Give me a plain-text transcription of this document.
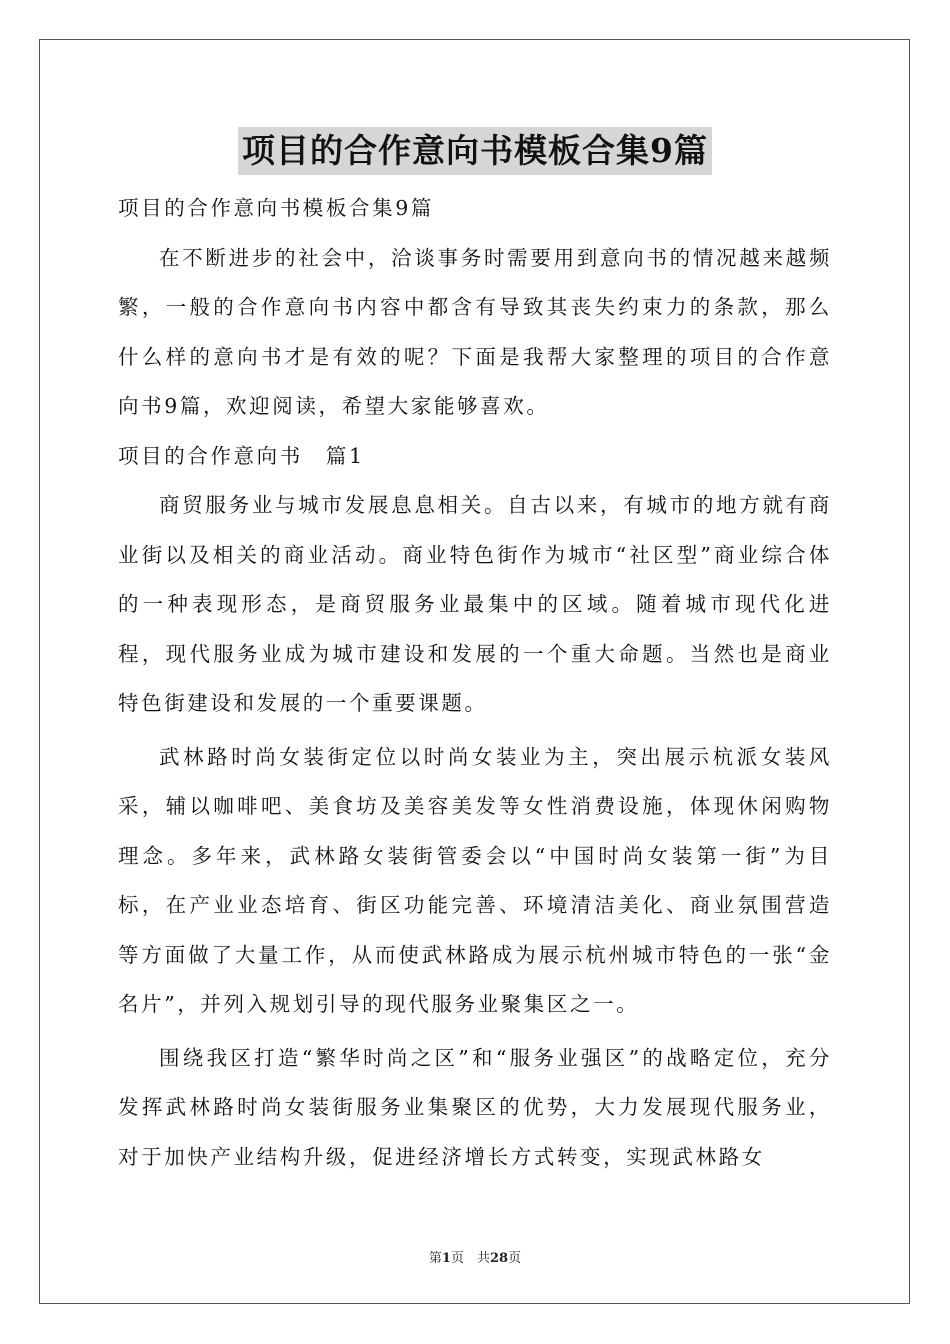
项目的合作意向书模板合集9篇

项目的合作意向书模板合集9篇

在不断进步的社会中，洽谈事务时需要用到意向书的情况越来越频繁，一般的合作意向书内容中都含有导致其丧失约束力的条款，那么什么样的意向书才是有效的呢？下面是我帮大家整理的项目的合作意向书9篇，欢迎阅读，希望大家能够喜欢。

项目的合作意向书　篇1

商贸服务业与城市发展息息相关。自古以来，有城市的地方就有商业街以及相关的商业活动。商业特色街作为城市“社区型”商业综合体的一种表现形态，是商贸服务业最集中的区域。随着城市现代化进程，现代服务业成为城市建设和发展的一个重大命题。当然也是商业特色街建设和发展的一个重要课题。

武林路时尚女装街定位以时尚女装业为主，突出展示杭派女装风采，辅以咖啡吧、美食坊及美容美发等女性消费设施，体现休闲购物理念。多年来，武林路女装街管委会以“中国时尚女装第一街”为目标，在产业业态培育、街区功能完善、环境清洁美化、商业氛围营造等方面做了大量工作，从而使武林路成为展示杭州城市特色的一张“金名片”，并列入规划引导的现代服务业聚集区之一。

围绕我区打造“繁华时尚之区”和“服务业强区”的战略定位，充分发挥武林路时尚女装街服务业集聚区的优势，大力发展现代服务业，对于加快产业结构升级，促进经济增长方式转变，实现武林路女

第1页　共28页
